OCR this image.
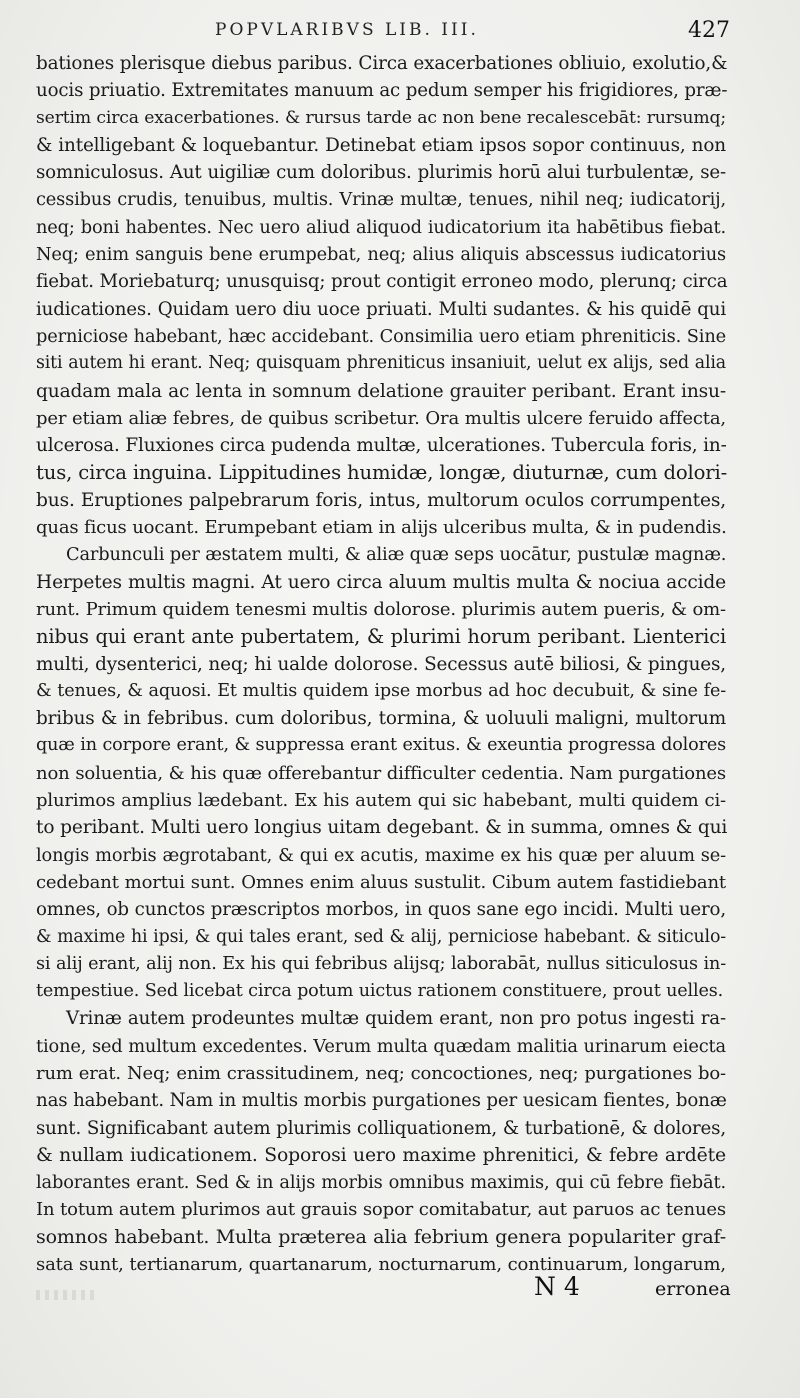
POPVLARIBVS LIB. III.	427
bationes plerisque diebus paribus. Circa exacerbationes obliuio, exolutio,&
uocis priuatio. Extremitates manuum ac pedum semper his frigidiores, præ-
sertim circa exacerbationes. & rursus tarde ac non bene recalescebāt: rursumq;
& intelligebant & loquebantur. Detinebat etiam ipsos sopor continuus, non
somniculosus. Aut uigiliæ cum doloribus. plurimis horū alui turbulentæ, se-
cessibus crudis, tenuibus, multis. Vrinæ multæ, tenues, nihil neq; iudicatorij,
neq; boni habentes. Nec uero aliud aliquod iudicatorium ita habētibus fiebat.
Neq; enim sanguis bene erumpebat, neq; alius aliquis abscessus iudicatorius
fiebat. Moriebaturq; unusquisq; prout contigit erroneo modo, plerunq; circa
iudicationes. Quidam uero diu uoce priuati. Multi sudantes. & his quidē qui
perniciose habebant, hæc accidebant. Consimilia uero etiam phreniticis. Sine
siti autem hi erant. Neq; quisquam phreniticus insaniuit, uelut ex alijs, sed alia
quadam mala ac lenta in somnum delatione grauiter peribant. Erant insu-
per etiam aliæ febres, de quibus scribetur. Ora multis ulcere feruido affecta,
ulcerosa. Fluxiones circa pudenda multæ, ulcerationes. Tubercula foris, in-
tus, circa inguina. Lippitudines humidæ, longæ, diuturnæ, cum dolori-
bus. Eruptiones palpebrarum foris, intus, multorum oculos corrumpentes,
quas ficus uocant. Erumpebant etiam in alijs ulceribus multa, & in pudendis.
Carbunculi per æstatem multi, & aliæ quæ seps uocātur, pustulæ magnæ.
Herpetes multis magni. At uero circa aluum multis multa & nociua accide
runt. Primum quidem tenesmi multis dolorose. plurimis autem pueris, & om-
nibus qui erant ante pubertatem, & plurimi horum peribant. Lienterici
multi, dysenterici, neq; hi ualde dolorose. Secessus autē biliosi, & pingues,
& tenues, & aquosi. Et multis quidem ipse morbus ad hoc decubuit, & sine fe-
bribus & in febribus. cum doloribus, tormina, & uoluuli maligni, multorum
quæ in corpore erant, & suppressa erant exitus. & exeuntia progressa dolores
non soluentia, & his quæ offerebantur difficulter cedentia. Nam purgationes
plurimos amplius lædebant. Ex his autem qui sic habebant, multi quidem ci-
to peribant. Multi uero longius uitam degebant. & in summa, omnes & qui
longis morbis ægrotabant, & qui ex acutis, maxime ex his quæ per aluum se-
cedebant mortui sunt. Omnes enim aluus sustulit. Cibum autem fastidiebant
omnes, ob cunctos præscriptos morbos, in quos sane ego incidi. Multi uero,
& maxime hi ipsi, & qui tales erant, sed & alij, perniciose habebant. & siticulo-
si alij erant, alij non. Ex his qui febribus alijsq; laborabāt, nullus siticulosus in-
tempestiue. Sed licebat circa potum uictus rationem constituere, prout uelles.
Vrinæ autem prodeuntes multæ quidem erant, non pro potus ingesti ra-
tione, sed multum excedentes. Verum multa quædam malitia urinarum eiecta
rum erat. Neq; enim crassitudinem, neq; concoctiones, neq; purgationes bo-
nas habebant. Nam in multis morbis purgationes per uesicam fientes, bonæ
sunt. Significabant autem plurimis colliquationem, & turbationē, & dolores,
& nullam iudicationem. Soporosi uero maxime phrenitici, & febre ardēte
laborantes erant. Sed & in alijs morbis omnibus maximis, qui cū febre fiebāt.
In totum autem plurimos aut grauis sopor comitabatur, aut paruos ac tenues
somnos habebant. Multa præterea alia febrium genera populariter graf-
sata sunt, tertianarum, quartanarum, nocturnarum, continuarum, longarum,
N 4	erronea
